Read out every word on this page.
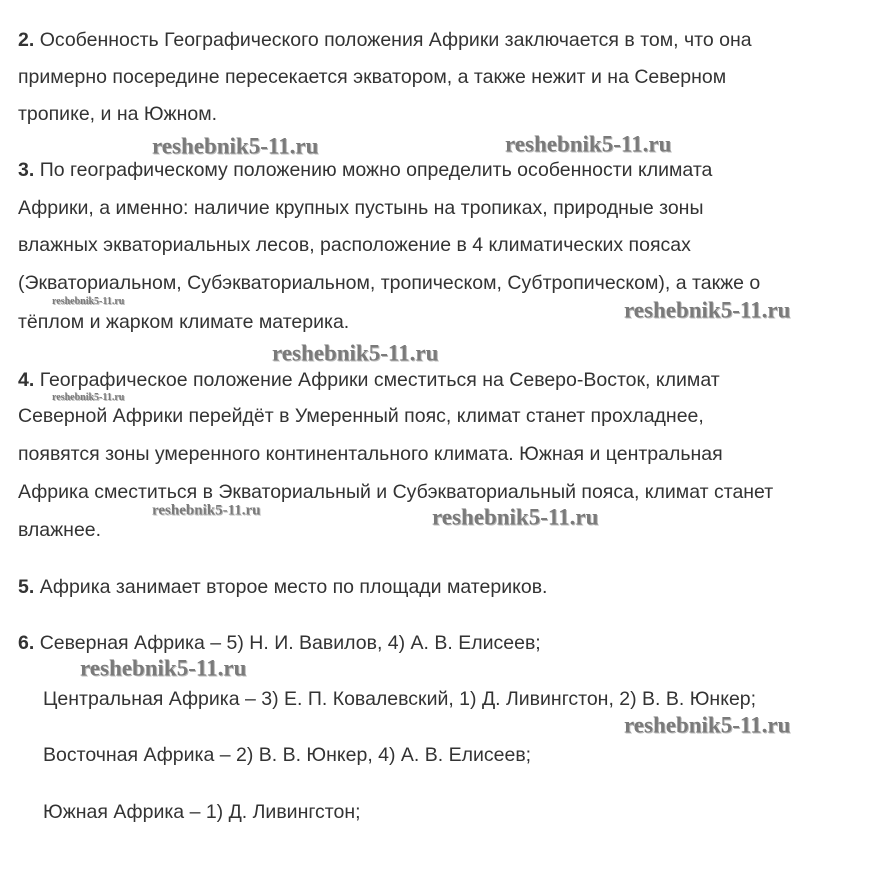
2. Особенность Географического положения Африки заключается в том, что она
примерно посередине пересекается экватором, а также нежит и на Северном
тропике, и на Южном.
3. По географическому положению можно определить особенности климата
Африки, а именно: наличие крупных пустынь на тропиках, природные зоны
влажных экваториальных лесов, расположение в 4 климатических поясах
(Экваториальном, Субэкваториальном, тропическом, Субтропическом), а также о
тёплом и жарком климате материка.
4. Географическое положение Африки сместиться на Северо-Восток, климат
Северной Африки перейдёт в Умеренный пояс, климат станет прохладнее,
появятся зоны умеренного континентального климата. Южная и центральная
Африка сместиться в Экваториальный и Субэкваториальный пояса, климат станет
влажнее.
5. Африка занимает второе место по площади материков.
6. Северная Африка – 5) Н. И. Вавилов, 4) А. В. Елисеев;
Центральная Африка – 3) Е. П. Ковалевский, 1) Д. Ливингстон, 2) В. В. Юнкер;
Восточная Африка – 2) В. В. Юнкер, 4) А. В. Елисеев;
Южная Африка – 1) Д. Ливингстон;
reshebnik5-11.ru	reshebnik5-11.ru
reshebnik5-11.ru	reshebnik5-11.ru
reshebnik5-11.ru
reshebnik5-11.ru
reshebnik5-11.ru	reshebnik5-11.ru
reshebnik5-11.ru
reshebnik5-11.ru
